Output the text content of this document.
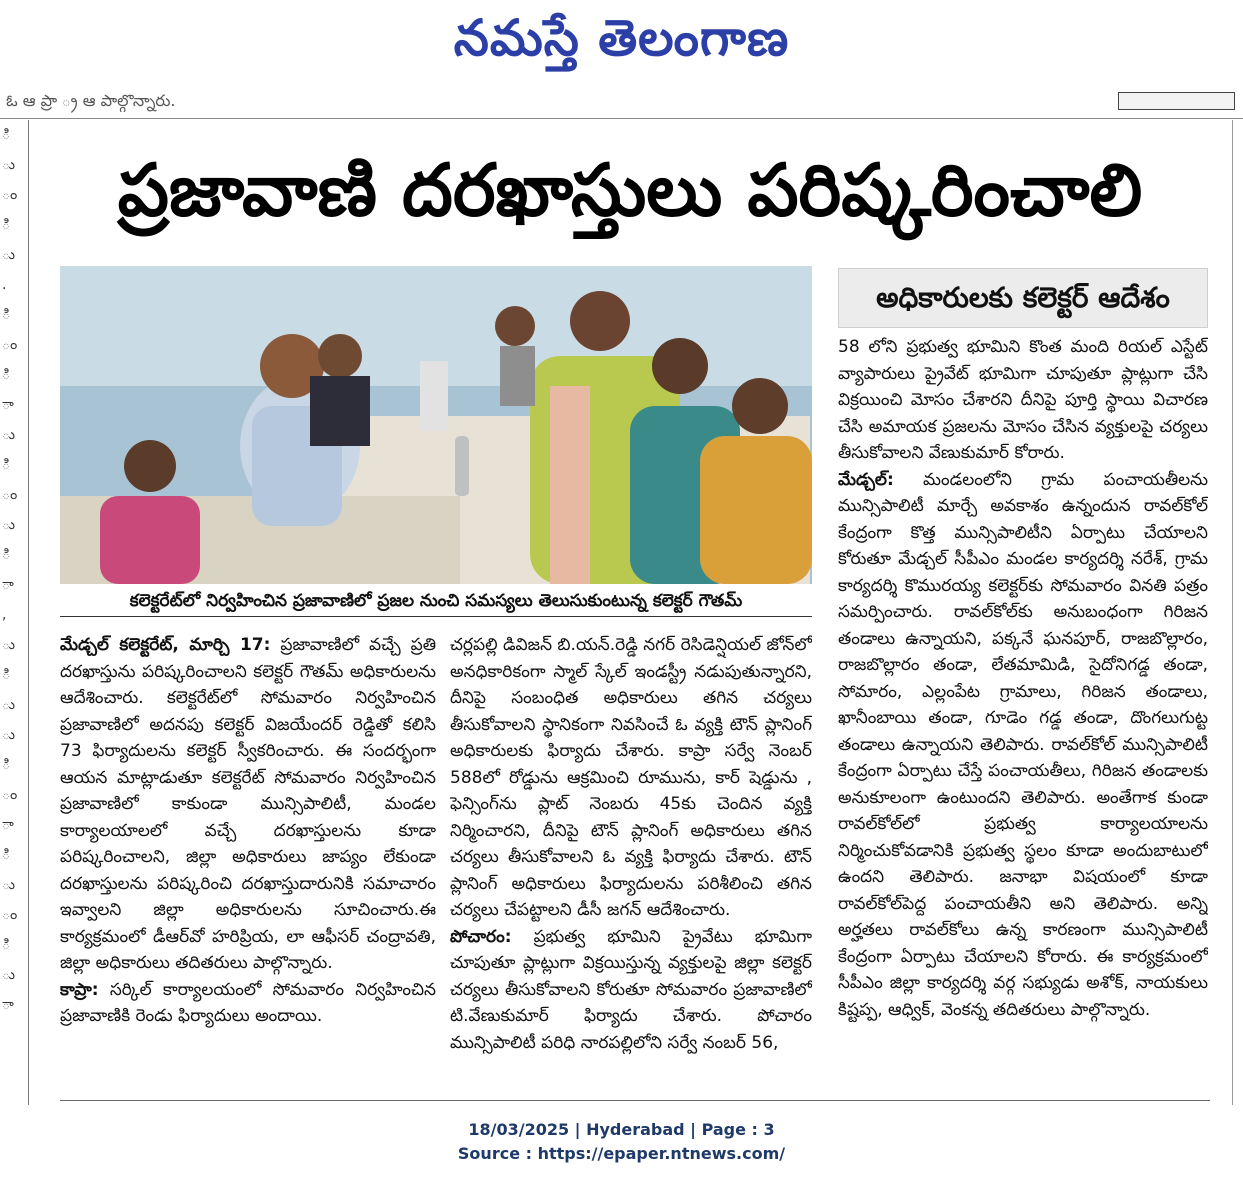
నమస్తే తెలంగాణ
ఓ ఆ ప్రా ్ర ఆ పాల్గొన్నారు.
ి
ు
ం
ి
ు
.
ి
ం
ి
ా
ు
ి
ం
ు
ి
ా
,
ు
ి
ు
ు
ి
ం
ా
ి
ు
ం
ి
ు
ా
ప్రజావాణి దరఖాస్తులు పరిష్కరించాలి
కలెక్టరేట్‌లో నిర్వహించిన ప్రజావాణిలో ప్రజల నుంచి సమస్యలు తెలుసుకుంటున్న కలెక్టర్‌ గౌతమ్‌
అధికారులకు కలెక్టర్‌ ఆదేశం

మేడ్చల్‌ కలెక్టరేట్‌, మార్చి 17: ప్రజావాణిలో వచ్చే ప్రతి దరఖాస్తును పరిష్కరించాలని కలెక్టర్‌ గౌతమ్‌ అధికారులను ఆదేశించారు. కలెక్టరేట్‌లో సోమవారం నిర్వహించిన ప్రజావాణిలో అదనపు కలెక్టర్‌ విజయేందర్‌ రెడ్డితో కలిసి 73 ఫిర్యాదులను కలెక్టర్‌ స్వీకరించారు. ఈ సందర్భంగా ఆయన మాట్లాడుతూ కలెక్టరేట్‌ సోమవారం నిర్వహించిన ప్రజావాణిలో కాకుండా మున్సిపాలిటీ, మండల కార్యాలయాలలో వచ్చే దరఖాస్తులను కూడా పరిష్కరించాలని, జిల్లా అధికారులు జాప్యం లేకుండా దరఖాస్తులను పరిష్కరించి దరఖాస్తుదారునికి సమాచారం ఇవ్వాలని జిల్లా అధికారులను సూచించారు.ఈ కార్యక్రమంలో డీఆర్‌వో హరిప్రియ, లా ఆఫీసర్‌ చంద్రావతి, జిల్లా అధికారులు తదితరులు పాల్గొన్నారు.

కాప్రా: సర్కిల్‌ కార్యాలయంలో సోమవారం నిర్వహించిన ప్రజావాణికి రెండు ఫిర్యాదులు అందాయి.

చర్లపల్లి డివిజన్‌ బి.యన్‌.రెడ్డి నగర్‌ రెసిడెన్షియల్‌ జోన్‌లో అనధికారికంగా స్మాల్‌ స్కేల్‌ ఇండస్ట్రీ నడుపుతున్నారని, దీనిపై సంబంధిత అధికారులు తగిన చర్యలు తీసుకోవాలని స్థానికంగా నివసించే ఓ వ్యక్తి టౌన్‌ ప్లానింగ్‌ అధికారులకు ఫిర్యాదు చేశారు. కాప్రా సర్వే నెంబర్‌ 588లో రోడ్డును ఆక్రమించి రూమును, కార్‌ షెడ్డును , ఫెన్సింగ్‌ను ప్లాట్‌ నెంబరు 45కు చెందిన వ్యక్తి నిర్మించారని, దీనిపై టౌన్‌ ప్లానింగ్‌ అధికారులు తగిన చర్యలు తీసుకోవాలని ఓ వ్యక్తి ఫిర్యాదు చేశారు. టౌన్‌ ప్లానింగ్‌ అధికారులు ఫిర్యాదులను పరిశీలించి తగిన చర్యలు చేపట్టాలని డీసీ జగన్‌ ఆదేశించారు.

పోచారం: ప్రభుత్వ భూమిని ప్రైవేటు భూమిగా చూపుతూ ప్లాట్లుగా విక్రయిస్తున్న వ్యక్తులపై జిల్లా కలెక్టర్‌ చర్యలు తీసుకోవాలని కోరుతూ సోమవారం ప్రజావాణిలో టి.వేణుకుమార్‌ ఫిర్యాదు చేశారు. పోచారం మున్సిపాలిటీ పరిధి నారపల్లిలోని సర్వే నంబర్‌ 56,

58 లోని ప్రభుత్వ భూమిని కొంత మంది రియల్‌ ఎస్టేట్‌ వ్యాపారులు ప్రైవేట్‌ భూమిగా చూపుతూ ప్లాట్లుగా చేసి విక్రయించి మోసం చేశారని దీనిపై పూర్తి స్థాయి విచారణ చేసి అమాయక ప్రజలను మోసం చేసిన వ్యక్తులపై చర్యలు తీసుకోవాలని వేణుకుమార్‌ కోరారు.

మేడ్చల్‌: మండలంలోని గ్రామ పంచాయతీలను మున్సిపాలిటీ మార్చే అవకాశం ఉన్నందున రావల్‌కోల్‌ కేంద్రంగా కొత్త మున్సిపాలిటీని ఏర్పాటు చేయాలని కోరుతూ మేడ్చల్‌ సీపీఎం మండల కార్యదర్శి నరేశ్‌, గ్రామ కార్యదర్శి కొమురయ్య కలెక్టర్‌కు సోమవారం వినతి పత్రం సమర్పించారు. రావల్‌కోల్‌కు అనుబంధంగా గిరిజన తండాలు ఉన్నాయని, పక్కనే ఘనపూర్‌, రాజబొల్లారం, రాజబొల్లారం తండా, లేతమామిడి, సైదోనిగడ్డ తండా, సోమారం, ఎల్లంపేట గ్రామాలు, గిరిజన తండాలు, ఖానీంబాయి తండా, గూడెం గడ్డ తండా, దొంగలుగుట్ట తండాలు ఉన్నాయని తెలిపారు. రావల్‌కోల్‌ మున్సిపాలిటీ కేంద్రంగా ఏర్పాటు చేస్తే పంచాయతీలు, గిరిజన తండాలకు అనుకూలంగా ఉంటుందని తెలిపారు. అంతేగాక కుండా రావల్‌కోల్‌లో ప్రభుత్వ కార్యాలయాలను నిర్మించుకోవడానికి ప్రభుత్వ స్థలం కూడా అందుబాటులో ఉందని తెలిపారు. జనాభా విషయంలో కూడా రావల్‌కోల్‌పెద్ద పంచాయతీని అని తెలిపారు. అన్ని అర్హతలు రావల్‌కోలు ఉన్న కారణంగా మున్సిపాలిటీ కేంద్రంగా ఏర్పాటు చేయాలని కోరారు. ఈ కార్యక్రమంలో సీపీఎం జిల్లా కార్యదర్శి వర్గ సభ్యుడు అశోక్‌, నాయకులు కిష్టప్ప, ఆధ్విక్‌, వెంకన్న తదితరులు పాల్గొన్నారు.

18/03/2025 | Hyderabad | Page : 3
Source : https://epaper.ntnews.com/
